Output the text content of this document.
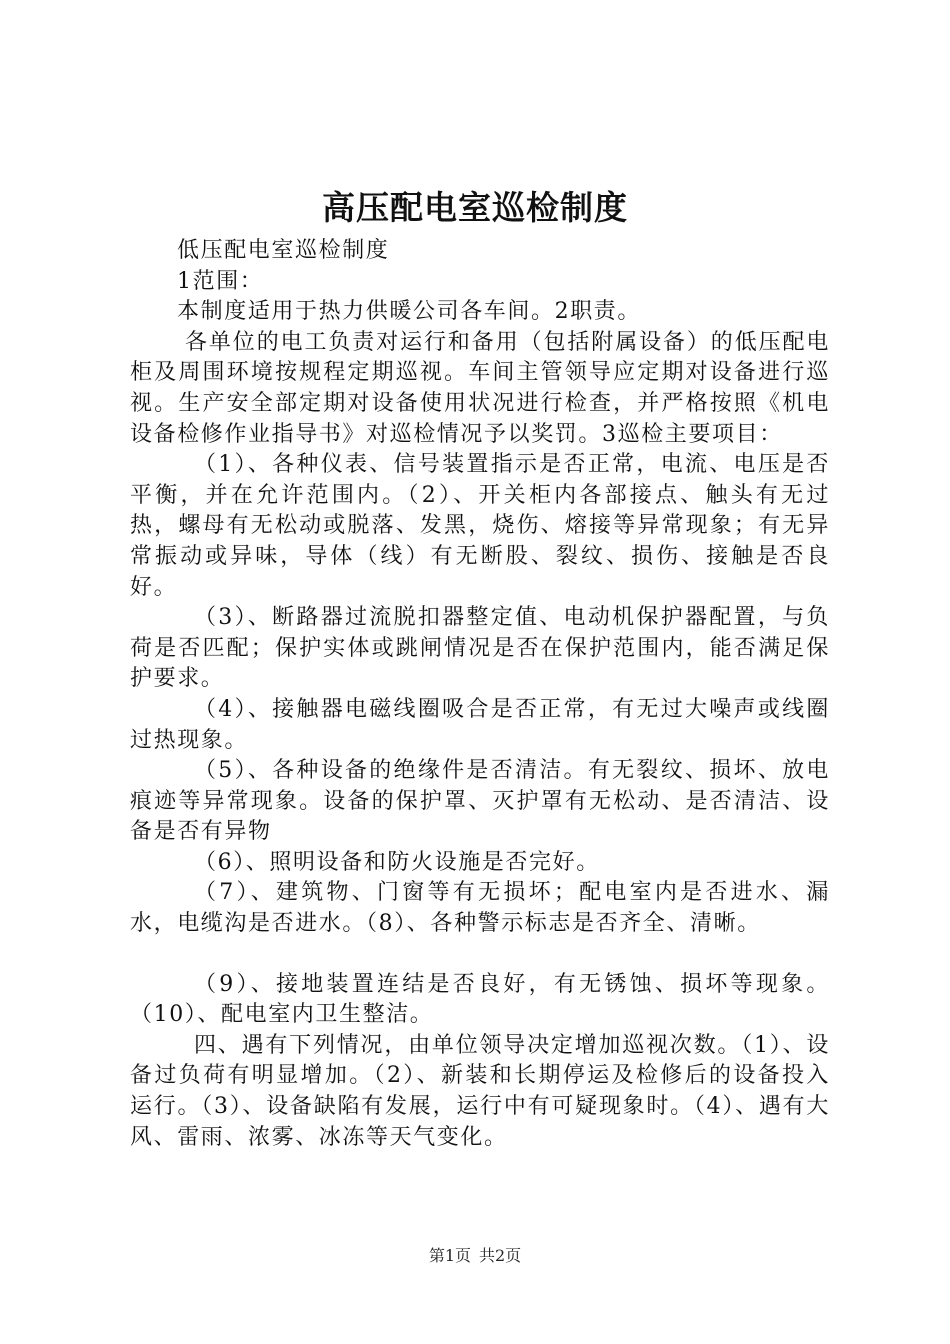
高压配电室巡检制度

低压配电室巡检制度

1范围：

本制度适用于热力供暖公司各车间。2职责。

各单位的电工负责对运行和备用（包括附属设备）的低压配电柜及周围环境按规程定期巡视。车间主管领导应定期对设备进行巡视。生产安全部定期对设备使用状况进行检查，并严格按照《机电设备检修作业指导书》对巡检情况予以奖罚。3巡检主要项目：

（1）、各种仪表、信号装置指示是否正常，电流、电压是否平衡，并在允许范围内。（2）、开关柜内各部接点、触头有无过热，螺母有无松动或脱落、发黑，烧伤、熔接等异常现象；有无异常振动或异味，导体（线）有无断股、裂纹、损伤、接触是否良好。

（3）、断路器过流脱扣器整定值、电动机保护器配置，与负荷是否匹配；保护实体或跳闸情况是否在保护范围内，能否满足保护要求。

（4）、接触器电磁线圈吸合是否正常，有无过大噪声或线圈过热现象。

（5）、各种设备的绝缘件是否清洁。有无裂纹、损坏、放电痕迹等异常现象。设备的保护罩、灭护罩有无松动、是否清洁、设备是否有异物

（6）、照明设备和防火设施是否完好。

（7）、建筑物、门窗等有无损坏；配电室内是否进水、漏水，电缆沟是否进水。（8）、各种警示标志是否齐全、清晰。

（9）、接地装置连结是否良好，有无锈蚀、损坏等现象。（10）、配电室内卫生整洁。

四、遇有下列情况，由单位领导决定增加巡视次数。（1）、设备过负荷有明显增加。（2）、新装和长期停运及检修后的设备投入运行。（3）、设备缺陷有发展，运行中有可疑现象时。（4）、遇有大风、雷雨、浓雾、冰冻等天气变化。

第1页 共2页
